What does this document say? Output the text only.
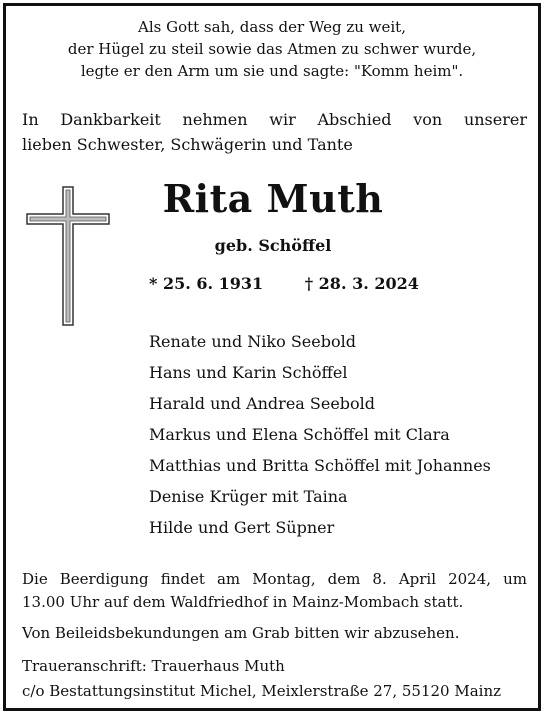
Als Gott sah, dass der Weg zu weit,
der Hügel zu steil sowie das Atmen zu schwer wurde,
legte er den Arm um sie und sagte: "Komm heim".
In Dankbarkeit nehmen wir Abschied von unserer
lieben Schwester, Schwägerin und Tante
Rita Muth
geb. Schöffel
* 25. 6. 1931	† 28. 3. 2024
Renate und Niko Seebold
Hans und Karin Schöffel
Harald und Andrea Seebold
Markus und Elena Schöffel mit Clara
Matthias und Britta Schöffel mit Johannes
Denise Krüger mit Taina
Hilde und Gert Süpner
Die Beerdigung findet am Montag, dem 8. April 2024, um
13.00 Uhr auf dem Waldfriedhof in Mainz-Mombach statt.
Von Beileidsbekundungen am Grab bitten wir abzusehen.
Traueranschrift: Trauerhaus Muth
c/o Bestattungsinstitut Michel, Meixlerstraße 27, 55120 Mainz
